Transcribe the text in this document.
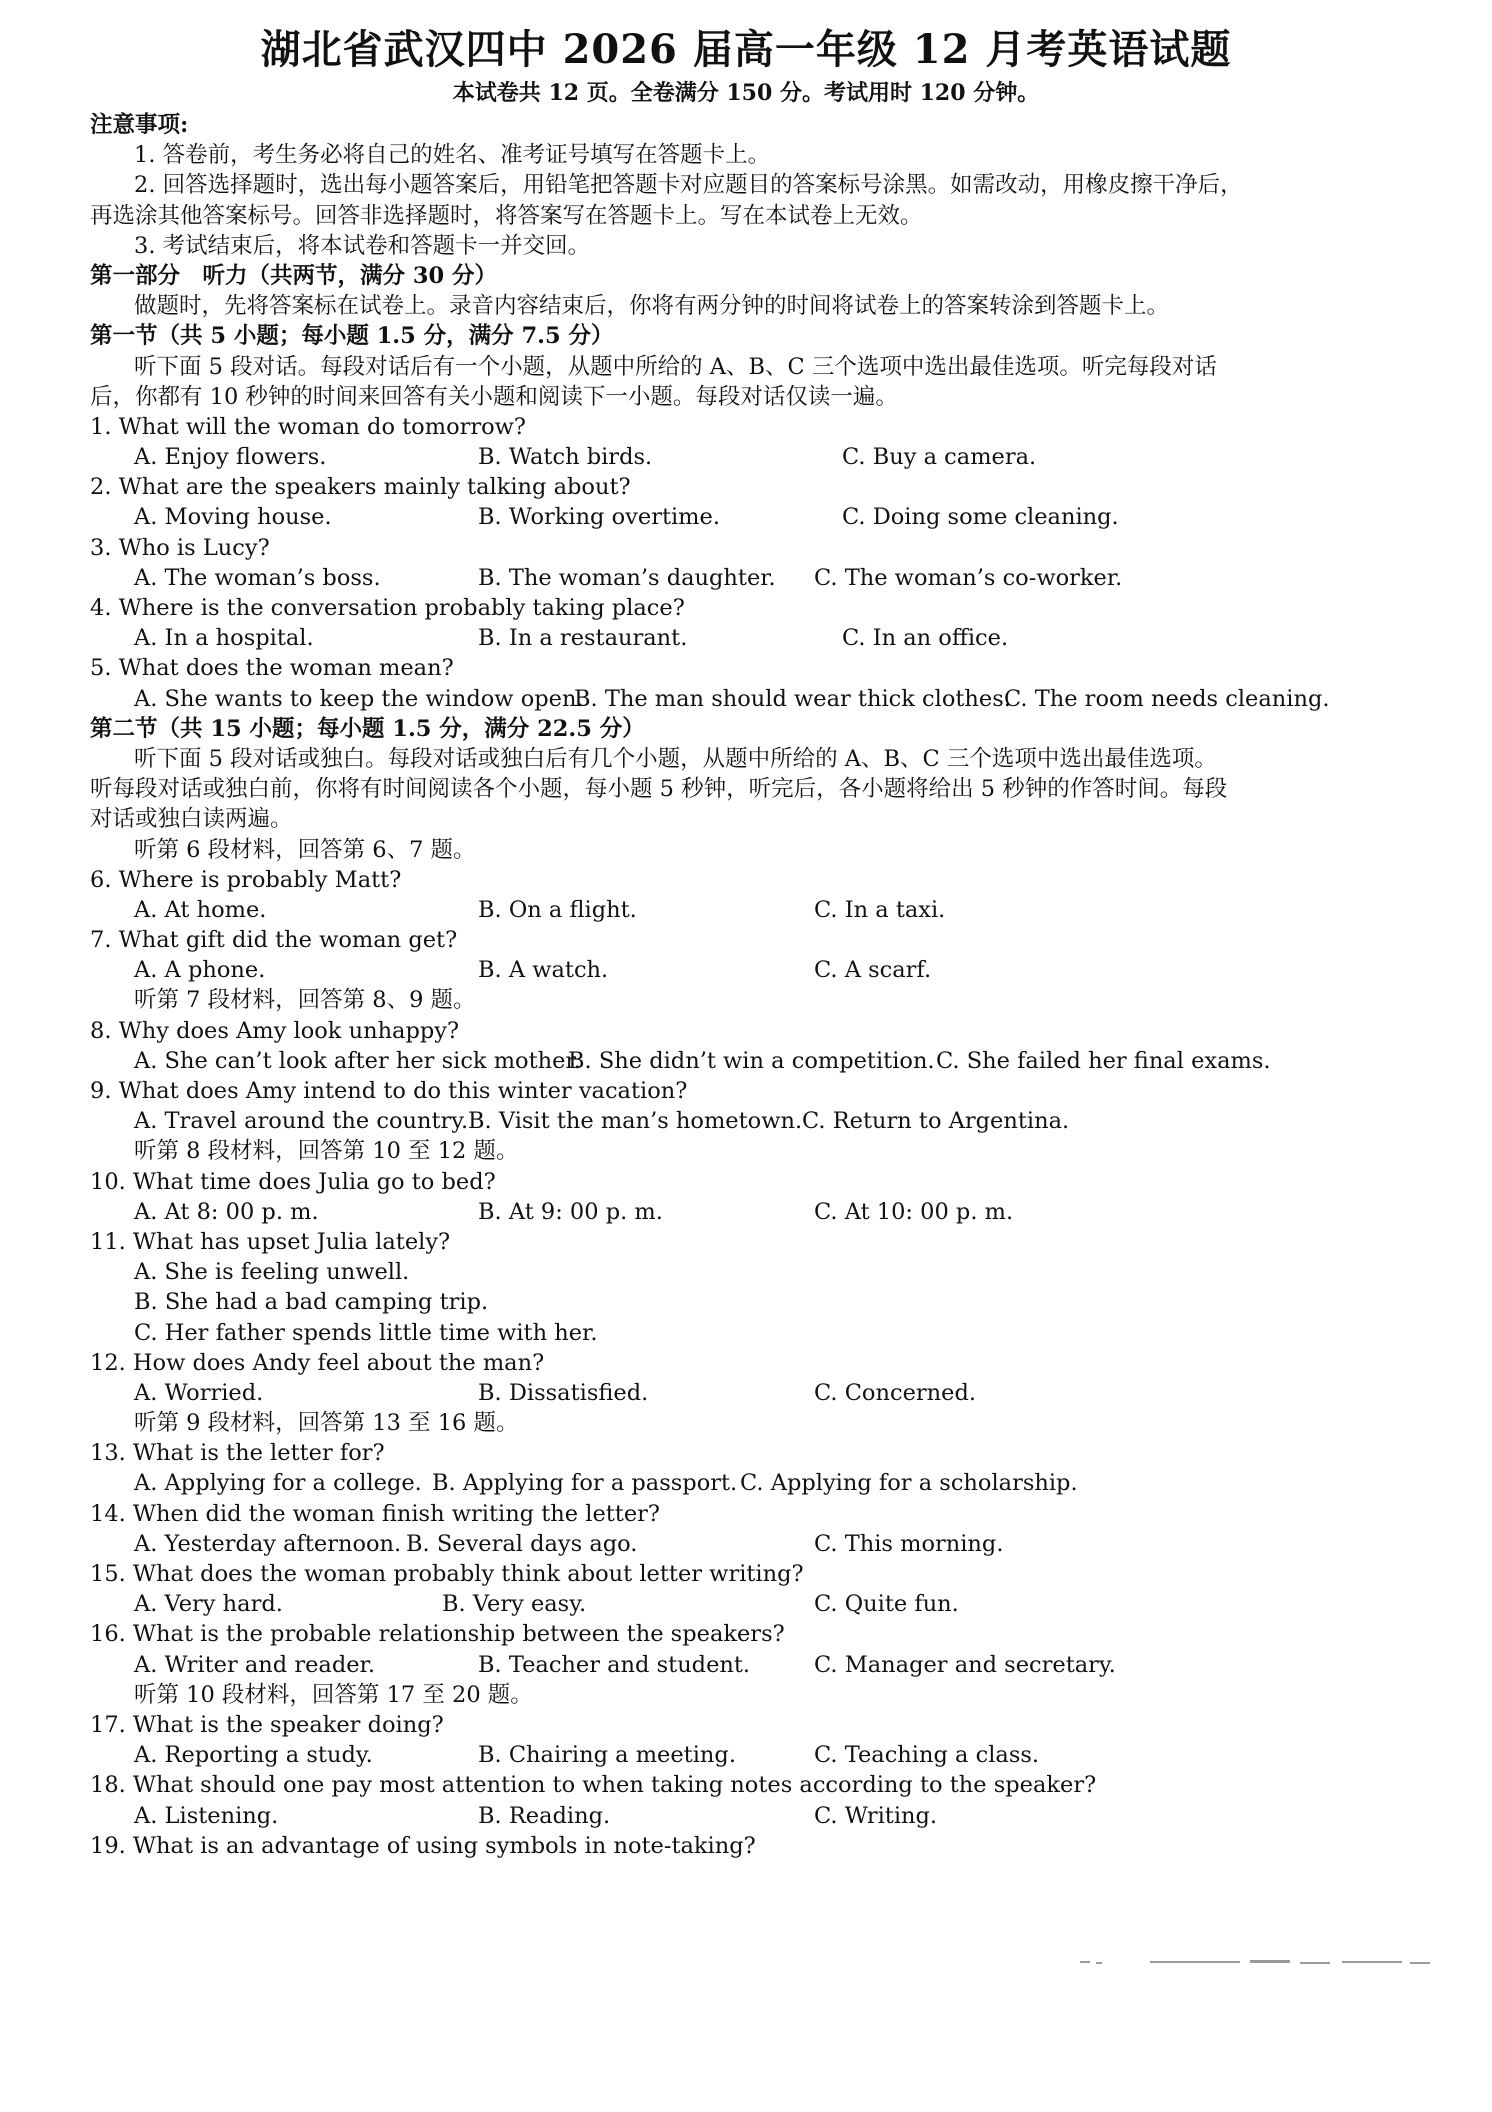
湖北省武汉四中 2026 届高一年级 12 月考英语试题
本试卷共 12 页。全卷满分 150 分。考试用时 120 分钟。
注意事项:
1. 答卷前，考生务必将自己的姓名、准考证号填写在答题卡上。
2. 回答选择题时，选出每小题答案后，用铅笔把答题卡对应题目的答案标号涂黑。如需改动，用橡皮擦干净后，
再选涂其他答案标号。回答非选择题时，将答案写在答题卡上。写在本试卷上无效。
3. 考试结束后，将本试卷和答题卡一并交回。
第一部分　听力（共两节，满分 30 分）
做题时，先将答案标在试卷上。录音内容结束后，你将有两分钟的时间将试卷上的答案转涂到答题卡上。
第一节（共 5 小题；每小题 1.5 分，满分 7.5 分）
听下面 5 段对话。每段对话后有一个小题，从题中所给的 A、B、C 三个选项中选出最佳选项。听完每段对话
后，你都有 10 秒钟的时间来回答有关小题和阅读下一小题。每段对话仅读一遍。
1. What will the woman do tomorrow?
A. Enjoy flowers.	B. Watch birds.	C. Buy a camera.
2. What are the speakers mainly talking about?
A. Moving house.	B. Working overtime.	C. Doing some cleaning.
3. Who is Lucy?
A. The woman’s boss.	B. The woman’s daughter. C. The woman’s co-worker.
4. Where is the conversation probably taking place?
A. In a hospital.	B. In a restaurant.	C. In an office.
5. What does the woman mean?
A. She wants to keep the window open.
B. The man should wear thick clothes.
C. The room needs cleaning.
第二节（共 15 小题；每小题 1.5 分，满分 22.5 分）
听下面 5 段对话或独白。每段对话或独白后有几个小题，从题中所给的 A、B、C 三个选项中选出最佳选项。
听每段对话或独白前，你将有时间阅读各个小题，每小题 5 秒钟，听完后，各小题将给出 5 秒钟的作答时间。每段
对话或独白读两遍。
听第 6 段材料，回答第 6、7 题。
6. Where is probably Matt?
A. At home.	B. On a flight.	C. In a taxi.
7. What gift did the woman get?
A. A phone.	B. A watch.	C. A scarf.
听第 7 段材料，回答第 8、9 题。
8. Why does Amy look unhappy?
A. She can’t look after her sick mother.
B. She didn’t win a competition. C. She failed her final exams.
9. What does Amy intend to do this winter vacation?
A. Travel around the country. B. Visit the man’s hometown. C. Return to Argentina.
听第 8 段材料，回答第 10 至 12 题。
10. What time does Julia go to bed?
A. At 8: 00 p. m.	B. At 9: 00 p. m.	C. At 10: 00 p. m.
11. What has upset Julia lately?
A. She is feeling unwell.
B. She had a bad camping trip.
C. Her father spends little time with her.
12. How does Andy feel about the man?
A. Worried.	B. Dissatisfied.	C. Concerned.
听第 9 段材料，回答第 13 至 16 题。
13. What is the letter for?
A. Applying for a college. B. Applying for a passport. C. Applying for a scholarship.
14. When did the woman finish writing the letter?
A. Yesterday afternoon. B. Several days ago.	C. This morning.
15. What does the woman probably think about letter writing?
A. Very hard.	B. Very easy.	C. Quite fun.
16. What is the probable relationship between the speakers?
A. Writer and reader.	B. Teacher and student.	C. Manager and secretary.
听第 10 段材料，回答第 17 至 20 题。
17. What is the speaker doing?
A. Reporting a study.	B. Chairing a meeting.	C. Teaching a class.
18. What should one pay most attention to when taking notes according to the speaker?
A. Listening.	B. Reading.	C. Writing.
19. What is an advantage of using symbols in note-taking?
